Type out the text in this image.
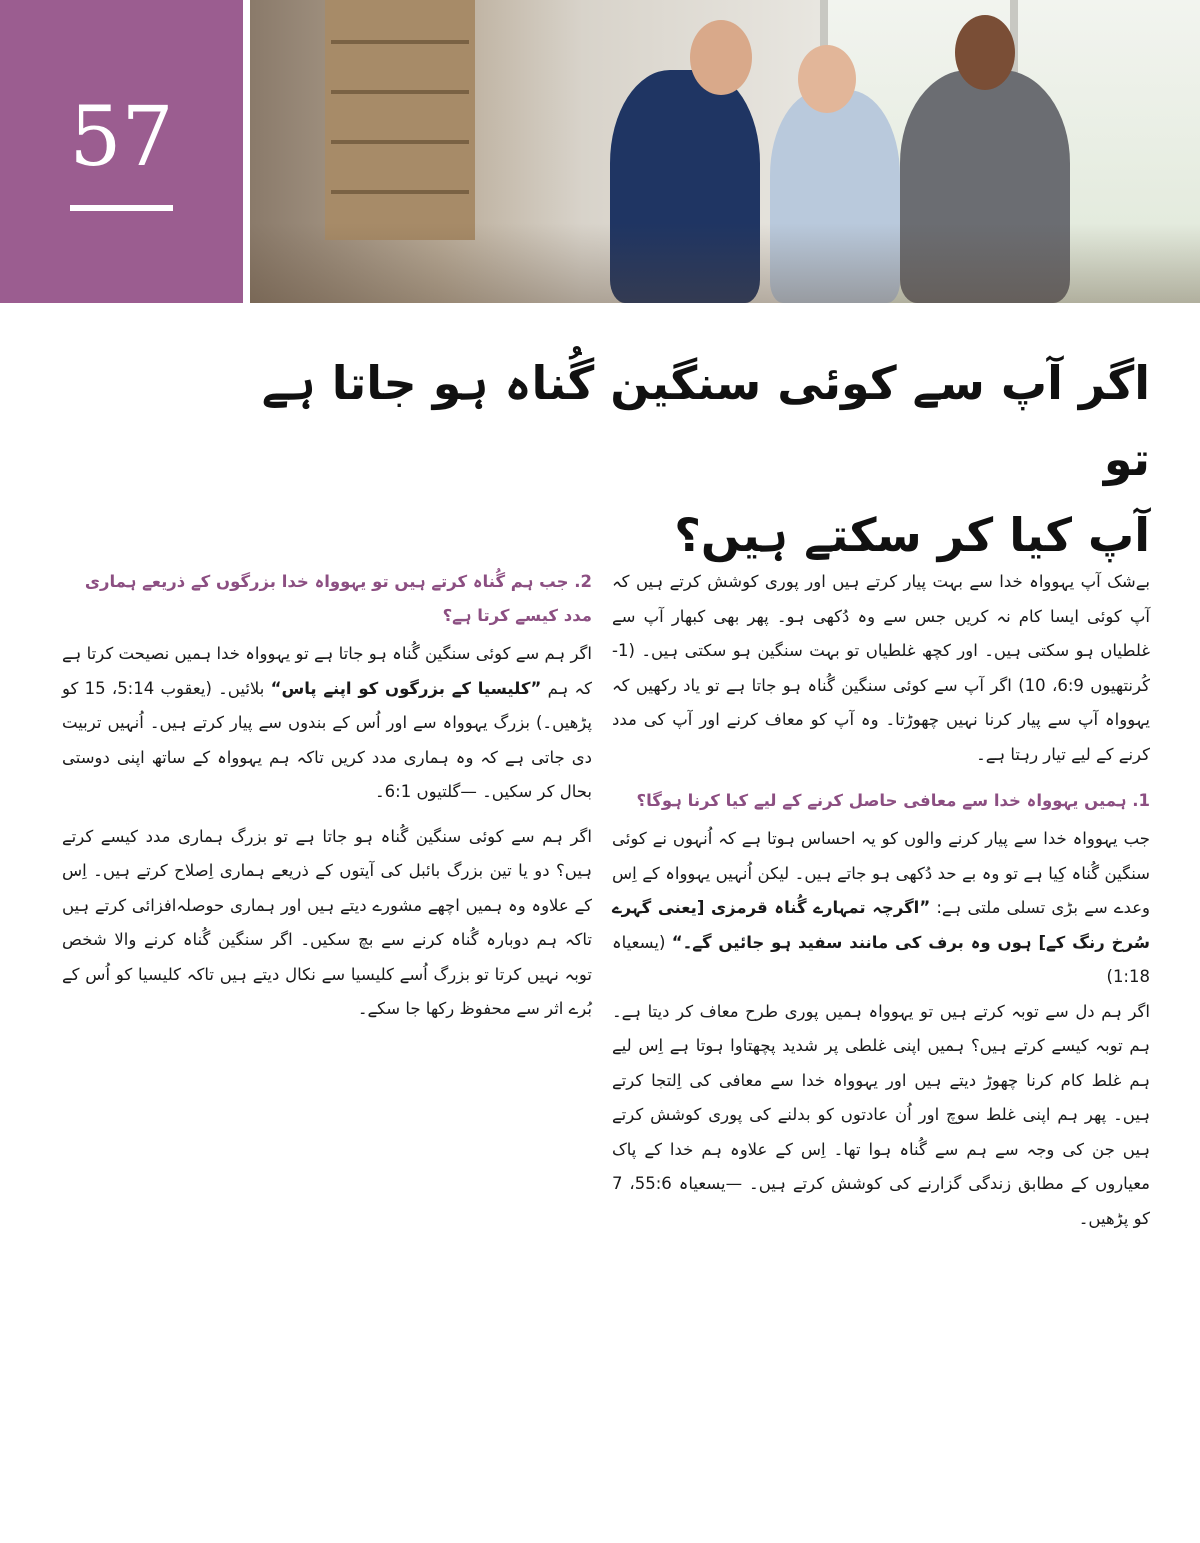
57
اگر آپ سے کوئی سنگین گُناہ ہو جاتا ہے تو
آپ کیا کر سکتے ہیں؟

بے‌شک آپ یہوواہ خدا سے بہت پیار کرتے ہیں اور پوری کوشش کرتے ہیں کہ آپ کوئی ایسا کام نہ کریں جس سے وہ دُکھی ہو۔ پھر بھی کبھار آپ سے غلطیاں ہو سکتی ہیں۔ اور کچھ غلطیاں تو بہت سنگین ہو سکتی ہیں۔ (1-کُرنتھیوں 6:9، 10) اگر آپ سے کوئی سنگین گُناہ ہو جاتا ہے تو یاد رکھیں کہ یہوواہ آپ سے پیار کرنا نہیں چھوڑتا۔ وہ آپ کو معاف کرنے اور آپ کی مدد کرنے کے لیے تیار رہتا ہے۔

1. ہمیں یہوواہ خدا سے معافی حاصل کرنے کے لیے کیا کرنا ہوگا؟

جب یہوواہ خدا سے پیار کرنے والوں کو یہ احساس ہوتا ہے کہ اُنہوں نے کوئی سنگین گُناہ کِیا ہے تو وہ بے حد دُکھی ہو جاتے ہیں۔ لیکن اُنہیں یہوواہ کے اِس وعدے سے بڑی تسلی ملتی ہے: ”اگرچہ تمہارے گُناہ قرمزی [یعنی گہرے سُرخ رنگ کے] ہوں وہ برف کی مانند سفید ہو جائیں گے۔“ (یسعیاہ 1:18)

اگر ہم دل سے توبہ کرتے ہیں تو یہوواہ ہمیں پوری طرح معاف کر دیتا ہے۔ ہم توبہ کیسے کرتے ہیں؟ ہمیں اپنی غلطی پر شدید پچھتاوا ہوتا ہے اِس لیے ہم غلط کام کرنا چھوڑ دیتے ہیں اور یہوواہ خدا سے معافی کی اِلتجا کرتے ہیں۔ پھر ہم اپنی غلط سوچ اور اُن عادتوں کو بدلنے کی پوری کوشش کرتے ہیں جن کی وجہ سے ہم سے گُناہ ہوا تھا۔ اِس کے علاوہ ہم خدا کے پاک معیاروں کے مطابق زندگی گزارنے کی کوشش کرتے ہیں۔ —یسعیاہ 55:6، 7 کو پڑھیں۔

2. جب ہم گُناہ کرتے ہیں تو یہوواہ خدا بزرگوں کے ذریعے ہماری مدد کیسے کرتا ہے؟

اگر ہم سے کوئی سنگین گُناہ ہو جاتا ہے تو یہوواہ خدا ہمیں نصیحت کرتا ہے کہ ہم ”کلیسیا کے بزرگوں کو اپنے پاس“ بلائیں۔ (یعقوب 5:14، 15 کو پڑھیں۔) بزرگ یہوواہ سے اور اُس کے بندوں سے پیار کرتے ہیں۔ اُنہیں تربیت دی جاتی ہے کہ وہ ہماری مدد کریں تاکہ ہم یہوواہ کے ساتھ اپنی دوستی بحال کر سکیں۔ —گلتیوں 6:1۔

اگر ہم سے کوئی سنگین گُناہ ہو جاتا ہے تو بزرگ ہماری مدد کیسے کرتے ہیں؟ دو یا تین بزرگ بائبل کی آیتوں کے ذریعے ہماری اِصلاح کرتے ہیں۔ اِس کے علاوہ وہ ہمیں اچھے مشورے دیتے ہیں اور ہماری حوصلہ‌افزائی کرتے ہیں تاکہ ہم دوبارہ گُناہ کرنے سے بچ سکیں۔ اگر سنگین گُناہ کرنے والا شخص توبہ نہیں کرتا تو بزرگ اُسے کلیسیا سے نکال دیتے ہیں تاکہ کلیسیا کو اُس کے بُرے اثر سے محفوظ رکھا جا سکے۔
